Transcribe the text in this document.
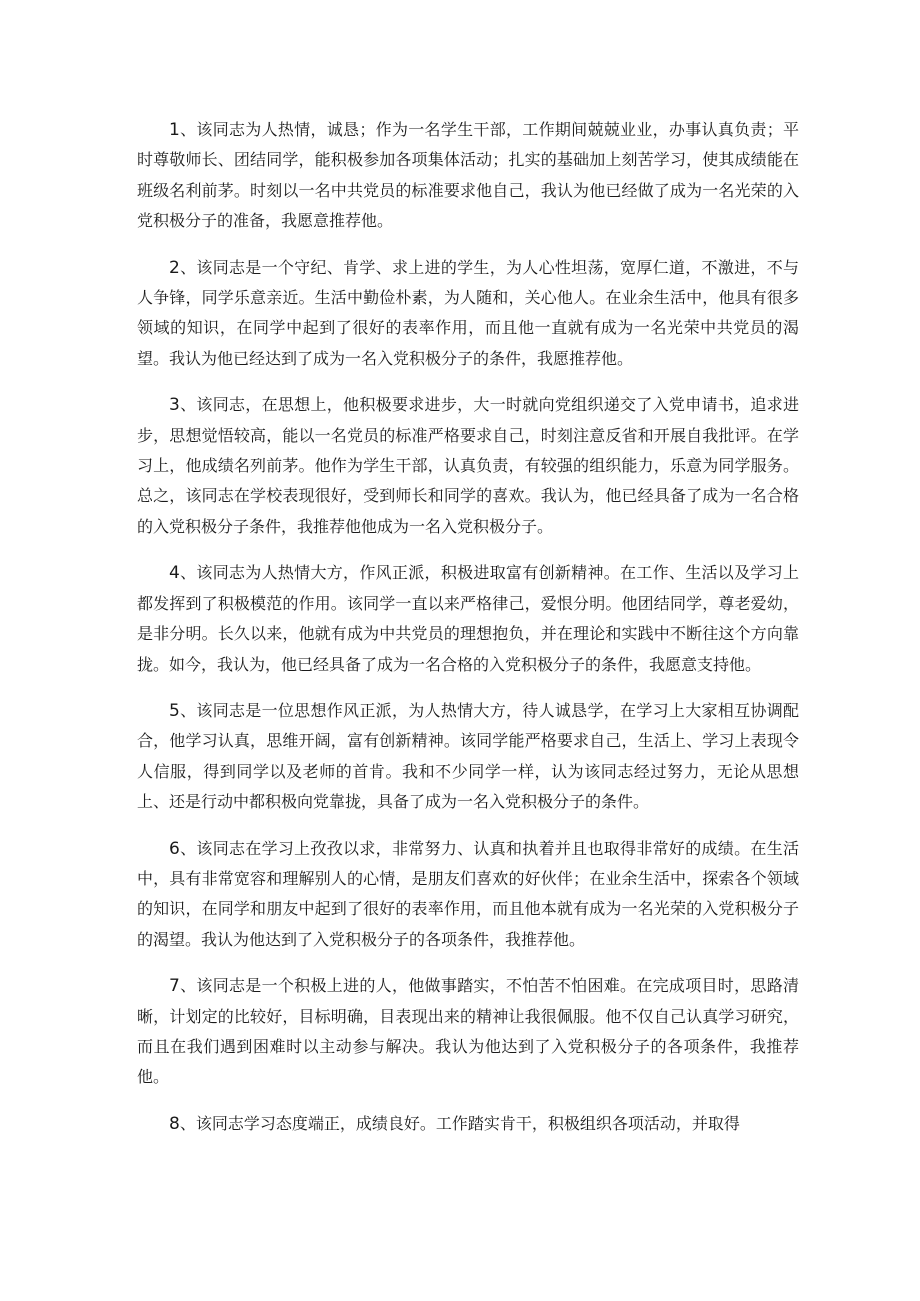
1、该同志为人热情，诚恳；作为一名学生干部，工作期间兢兢业业，办事认真负责；平时尊敬师长、团结同学，能积极参加各项集体活动；扎实的基础加上刻苦学习，使其成绩能在班级名利前茅。时刻以一名中共党员的标准要求他自己，我认为他已经做了成为一名光荣的入党积极分子的准备，我愿意推荐他。

2、该同志是一个守纪、肯学、求上进的学生，为人心性坦荡，宽厚仁道，不激进，不与人争锋，同学乐意亲近。生活中勤俭朴素，为人随和，关心他人。在业余生活中，他具有很多领域的知识，在同学中起到了很好的表率作用，而且他一直就有成为一名光荣中共党员的渴望。我认为他已经达到了成为一名入党积极分子的条件，我愿推荐他。

3、该同志，在思想上，他积极要求进步，大一时就向党组织递交了入党申请书，追求进步，思想觉悟较高，能以一名党员的标准严格要求自己，时刻注意反省和开展自我批评。在学习上，他成绩名列前茅。他作为学生干部，认真负责，有较强的组织能力，乐意为同学服务。总之，该同志在学校表现很好，受到师长和同学的喜欢。我认为，他已经具备了成为一名合格的入党积极分子条件，我推荐他他成为一名入党积极分子。

4、该同志为人热情大方，作风正派，积极进取富有创新精神。在工作、生活以及学习上都发挥到了积极模范的作用。该同学一直以来严格律己，爱恨分明。他团结同学，尊老爱幼，是非分明。长久以来，他就有成为中共党员的理想抱负，并在理论和实践中不断往这个方向靠拢。如今，我认为，他已经具备了成为一名合格的入党积极分子的条件，我愿意支持他。

5、该同志是一位思想作风正派，为人热情大方，待人诚恳学，在学习上大家相互协调配合，他学习认真，思维开阔，富有创新精神。该同学能严格要求自己，生活上、学习上表现令人信服，得到同学以及老师的首肯。我和不少同学一样，认为该同志经过努力，无论从思想上、还是行动中都积极向党靠拢，具备了成为一名入党积极分子的条件。

6、该同志在学习上孜孜以求，非常努力、认真和执着并且也取得非常好的成绩。在生活中，具有非常宽容和理解别人的心情，是朋友们喜欢的好伙伴；在业余生活中，探索各个领域的知识，在同学和朋友中起到了很好的表率作用，而且他本就有成为一名光荣的入党积极分子的渴望。我认为他达到了入党积极分子的各项条件，我推荐他。

7、该同志是一个积极上进的人，他做事踏实，不怕苦不怕困难。在完成项目时，思路清晰，计划定的比较好，目标明确，目表现出来的精神让我很佩服。他不仅自己认真学习研究，而且在我们遇到困难时以主动参与解决。我认为他达到了入党积极分子的各项条件，我推荐他。

8、该同志学习态度端正，成绩良好。工作踏实肯干，积极组织各项活动，并取得
